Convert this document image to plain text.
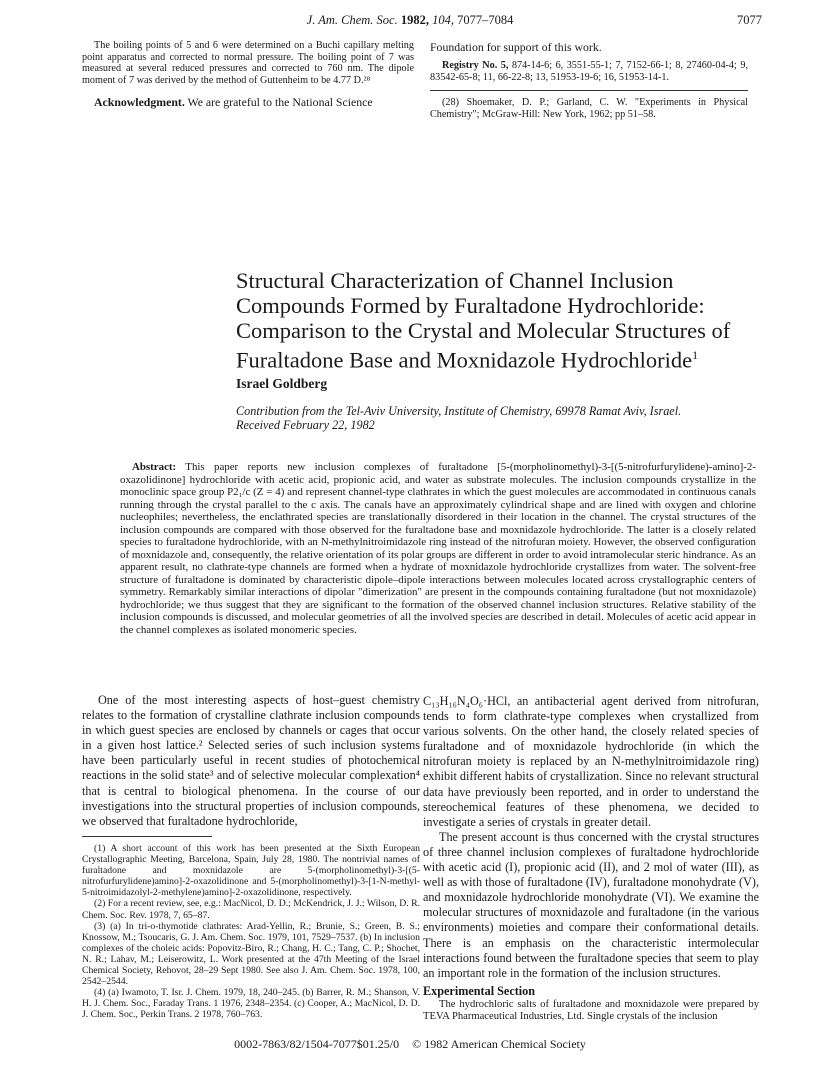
J. Am. Chem. Soc. 1982, 104, 7077–7084	7077
The boiling points of 5 and 6 were determined on a Buchi capillary melting point apparatus and corrected to normal pressure. The boiling point of 7 was measured at several reduced pressures and corrected to 760 nm. The dipole moment of 7 was derived by the method of Guttenheim to be 4.77 D.²⁸
Acknowledgment. We are grateful to the National Science
Foundation for support of this work.
Registry No. 5, 874-14-6; 6, 3551-55-1; 7, 7152-66-1; 8, 27460-04-4; 9, 83542-65-8; 11, 66-22-8; 13, 51953-19-6; 16, 51953-14-1.
(28) Shoemaker, D. P.; Garland, C. W. "Experiments in Physical Chemistry"; McGraw-Hill: New York, 1962; pp 51–58.
Structural Characterization of Channel Inclusion Compounds Formed by Furaltadone Hydrochloride: Comparison to the Crystal and Molecular Structures of Furaltadone Base and Moxnidazole Hydrochloride$^1$
Israel Goldberg
Contribution from the Tel-Aviv University, Institute of Chemistry, 69978 Ramat Aviv, Israel.
Received February 22, 1982
Abstract: This paper reports new inclusion complexes of furaltadone [5-(morpholinomethyl)-3-[(5-nitrofurfurylidene)-amino]-2-oxazolidinone] hydrochloride with acetic acid, propionic acid, and water as substrate molecules. The inclusion compounds crystallize in the monoclinic space group P2₁/c (Z = 4) and represent channel-type clathrates in which the guest molecules are accommodated in continuous canals running through the crystal parallel to the c axis. The canals have an approximately cylindrical shape and are lined with oxygen and chlorine nucleophiles; nevertheless, the enclathrated species are translationally disordered in their location in the channel. The crystal structures of the inclusion compounds are compared with those observed for the furaltadone base and moxnidazole hydrochloride. The latter is a closely related species to furaltadone hydrochloride, with an N-methylnitroimidazole ring instead of the nitrofuran moiety. However, the observed configuration of moxnidazole and, consequently, the relative orientation of its polar groups are different in order to avoid intramolecular steric hindrance. As an apparent result, no clathrate-type channels are formed when a hydrate of moxnidazole hydrochloride crystallizes from water. The solvent-free structure of furaltadone is dominated by characteristic dipole–dipole interactions between molecules located across crystallographic centers of symmetry. Remarkably similar interactions of dipolar "dimerization" are present in the compounds containing furaltadone (but not moxnidazole) hydrochloride; we thus suggest that they are significant to the formation of the observed channel inclusion structures. Relative stability of the inclusion compounds is discussed, and molecular geometries of all the involved species are described in detail. Molecules of acetic acid appear in the channel complexes as isolated monomeric species.
One of the most interesting aspects of host–guest chemistry relates to the formation of crystalline clathrate inclusion compounds in which guest species are enclosed by channels or cages that occur in a given host lattice.² Selected series of such inclusion systems have been particularly useful in recent studies of photochemical reactions in the solid state³ and of selective molecular complexation⁴ that is central to biological phenomena. In the course of our investigations into the structural properties of inclusion compounds, we observed that furaltadone hydrochloride,

C₁₃H₁₆N₄O₆·HCl, an antibacterial agent derived from nitrofuran, tends to form clathrate-type complexes when crystallized from various solvents. On the other hand, the closely related species of furaltadone and of moxnidazole hydrochloride (in which the nitrofuran moiety is replaced by an N-methylnitroimidazole ring) exhibit different habits of crystallization. Since no relevant structural data have previously been reported, and in order to understand the stereochemical features of these phenomena, we decided to investigate a series of crystals in greater detail.

The present account is thus concerned with the crystal structures of three channel inclusion complexes of furaltadone hydrochloride with acetic acid (I), propionic acid (II), and 2 mol of water (III), as well as with those of furaltadone (IV), furaltadone monohydrate (V), and moxnidazole hydrochloride monohydrate (VI). We examine the molecular structures of moxnidazole and furaltadone (in the various environments) moieties and compare their conformational details. There is an emphasis on the characteristic intermolecular interactions found between the furaltadone species that seem to play an important role in the formation of the inclusion structures.

Experimental Section
The hydrochloric salts of furaltadone and moxnidazole were prepared by TEVA Pharmaceutical Industries, Ltd. Single crystals of the inclusion

(1) A short account of this work has been presented at the Sixth European Crystallographic Meeting, Barcelona, Spain, July 28, 1980. The nontrivial names of furaltadone and moxnidazole are 5-(morpholinomethyl)-3-[(5-nitrofurfurylidene)amino]-2-oxazolidinone and 5-(morpholinomethyl)-3-[1-N-methyl-5-nitroimidazolyl-2-methylene)amino]-2-oxazolidinone, respectively.

(2) For a recent review, see, e.g.: MacNicol, D. D.; McKendrick, J. J.; Wilson, D. R. Chem. Soc. Rev. 1978, 7, 65–87.

(3) (a) In tri-o-thymotide clathrates: Arad-Yellin, R.; Brunie, S.; Green, B. S.; Knossow, M.; Tsoucaris, G. J. Am. Chem. Soc. 1979, 101, 7529–7537. (b) In inclusion complexes of the choleic acids: Popovitz-Biro, R.; Chang, H. C.; Tang, C. P.; Shochet, N. R.; Lahav, M.; Leiserowitz, L. Work presented at the 47th Meeting of the Israel Chemical Society, Rehovot, 28–29 Sept 1980. See also J. Am. Chem. Soc. 1978, 100, 2542–2544.

(4) (a) Iwamoto, T. Isr. J. Chem. 1979, 18, 240–245. (b) Barrer, R. M.; Shanson, V. H. J. Chem. Soc., Faraday Trans. 1 1976, 2348–2354. (c) Cooper, A.; MacNicol, D. D. J. Chem. Soc., Perkin Trans. 2 1978, 760–763.

0002-7863/82/1504-7077$01.25/0 © 1982 American Chemical Society
